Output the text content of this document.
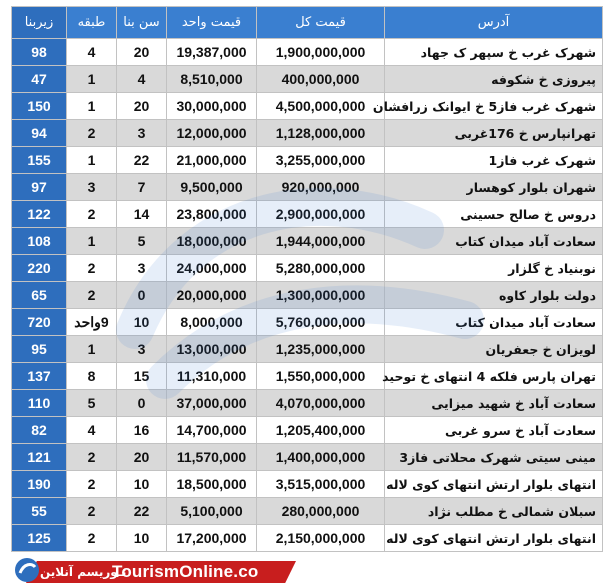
آدرس	قیمت کل	قیمت واحد	سن بنا	طبقه	زیربنا
شهرک غرب خ سپهر ک جهاد	1,900,000,000	19,387,000	20	4	98
پیروزی خ شکوفه	400,000,000	8,510,000	4	1	47
شهرک غرب فاز5 خ ایوانک زرافشان	4,500,000,000	30,000,000	20	1	150
تهرانپارس خ 176غربی	1,128,000,000	12,000,000	3	2	94
شهرک غرب فاز1	3,255,000,000	21,000,000	22	1	155
شهران بلوار کوهسار	920,000,000	9,500,000	7	3	97
دروس خ صالح حسینی	2,900,000,000	23,800,000	14	2	122
سعادت آباد میدان کتاب	1,944,000,000	18,000,000	5	1	108
نوبنیاد خ گلزار	5,280,000,000	24,000,000	3	2	220
دولت بلوار کاوه	1,300,000,000	20,000,000	0	2	65
سعادت آباد میدان کتاب	5,760,000,000	8,000,000	10	9واحد	720
لویزان خ جعفریان	1,235,000,000	13,000,000	3	1	95
تهران پارس فلکه 4 انتهای خ توحید	1,550,000,000	11,310,000	15	8	137
سعادت آباد خ شهید میزایی	4,070,000,000	37,000,000	0	5	110
سعادت آباد خ سرو غربی	1,205,400,000	14,700,000	16	4	82
مینی سیتی شهرک محلاتی فاز3	1,400,000,000	11,570,000	20	2	121
انتهای بلوار ارتش انتهای کوی لاله	3,515,000,000	18,500,000	10	2	190
سبلان شمالی خ مطلب نژاد	280,000,000	5,100,000	22	2	55
انتهای بلوار ارتش انتهای کوی لاله	2,150,000,000	17,200,000	10	2	125
تـوریسم آنلاین
TourismOnline.co
